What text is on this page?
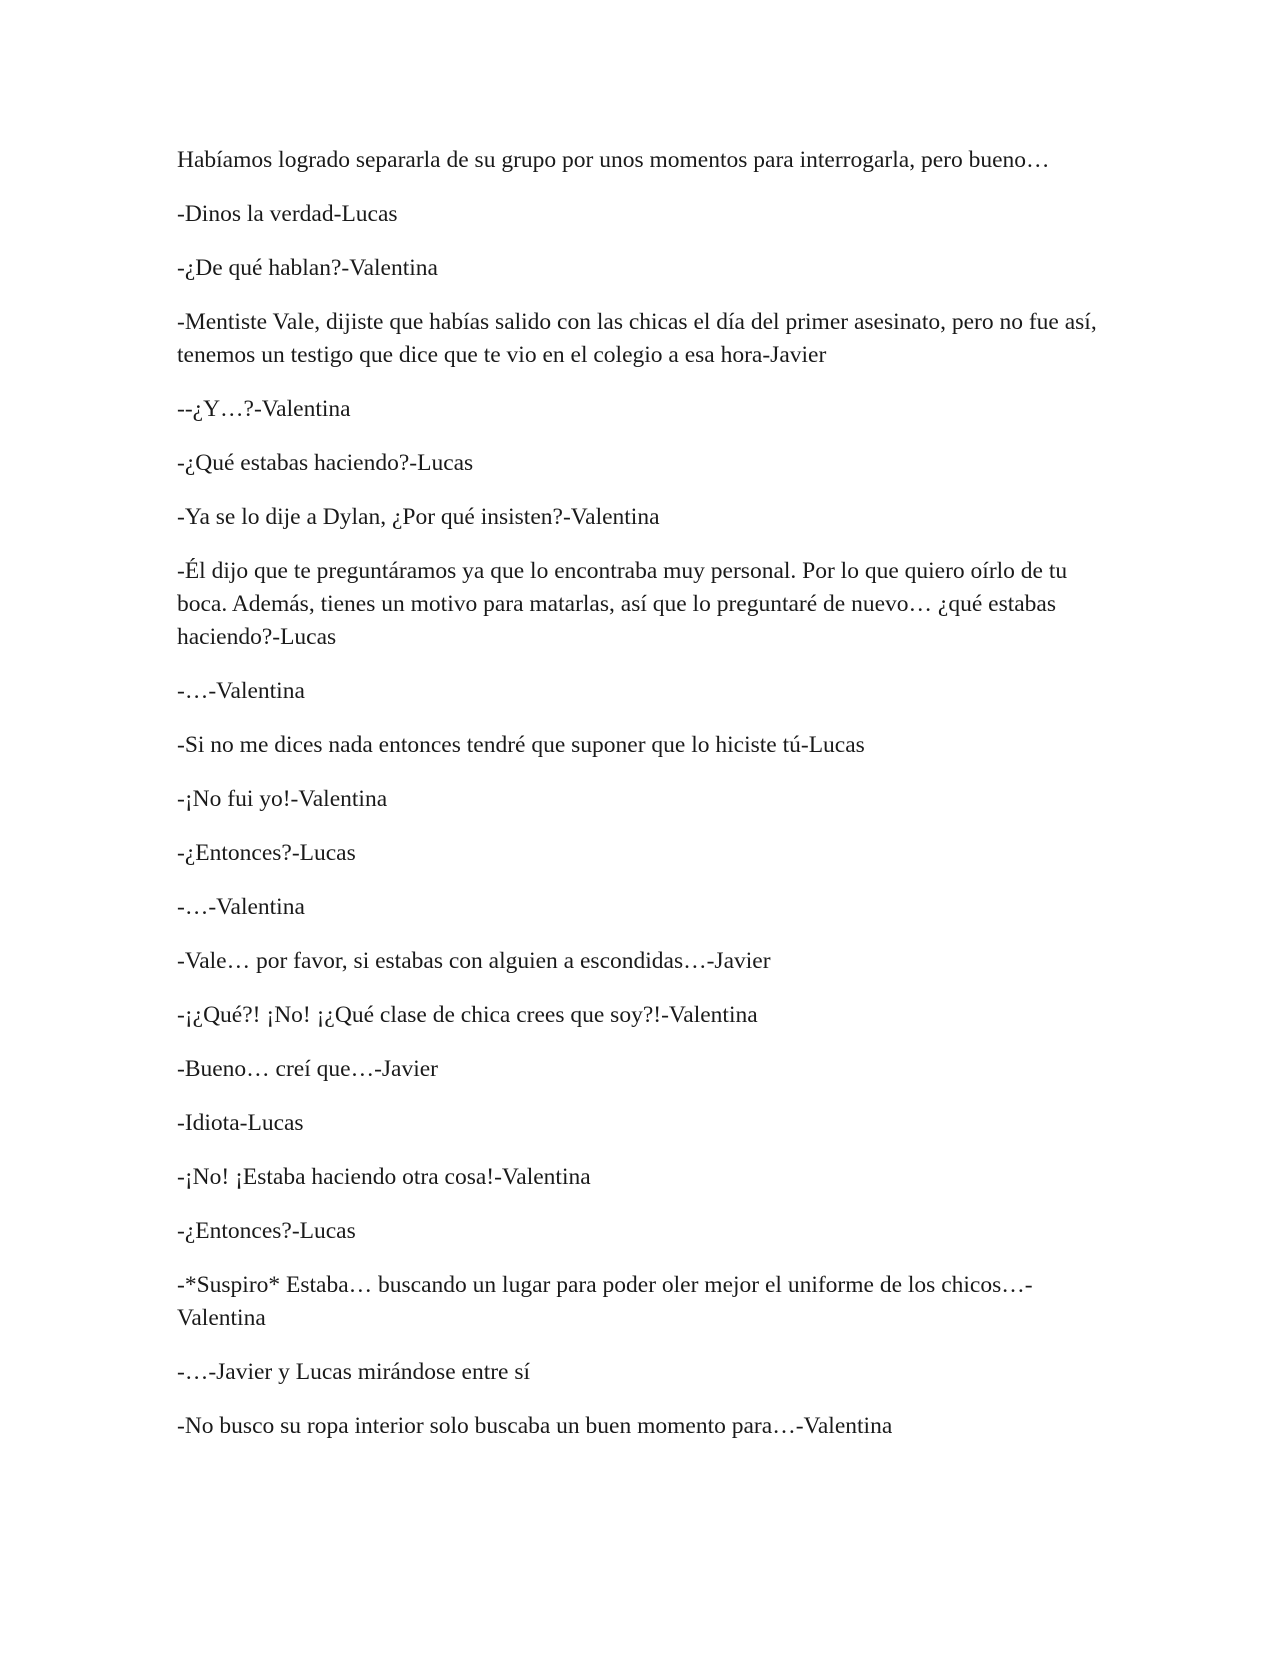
Habíamos logrado separarla de su grupo por unos momentos para interrogarla, pero bueno…

-Dinos la verdad-Lucas

-¿De qué hablan?-Valentina

-Mentiste Vale, dijiste que habías salido con las chicas el día del primer asesinato, pero no fue así, tenemos un testigo que dice que te vio en el colegio a esa hora-Javier

--¿Y…?-Valentina

-¿Qué estabas haciendo?-Lucas

-Ya se lo dije a Dylan, ¿Por qué insisten?-Valentina

-Él dijo que te preguntáramos ya que lo encontraba muy personal. Por lo que quiero oírlo de tu boca. Además, tienes un motivo para matarlas, así que lo preguntaré de nuevo… ¿qué estabas haciendo?-Lucas

-…-Valentina

-Si no me dices nada entonces tendré que suponer que lo hiciste tú-Lucas

-¡No fui yo!-Valentina

-¿Entonces?-Lucas

-…-Valentina

-Vale… por favor, si estabas con alguien a escondidas…-Javier

-¡¿Qué?! ¡No! ¡¿Qué clase de chica crees que soy?!-Valentina

-Bueno… creí que…-Javier

-Idiota-Lucas

-¡No! ¡Estaba haciendo otra cosa!-Valentina

-¿Entonces?-Lucas

-*Suspiro* Estaba… buscando un lugar para poder oler mejor el uniforme de los chicos…-Valentina

-…-Javier y Lucas mirándose entre sí

-No busco su ropa interior solo buscaba un buen momento para…-Valentina
